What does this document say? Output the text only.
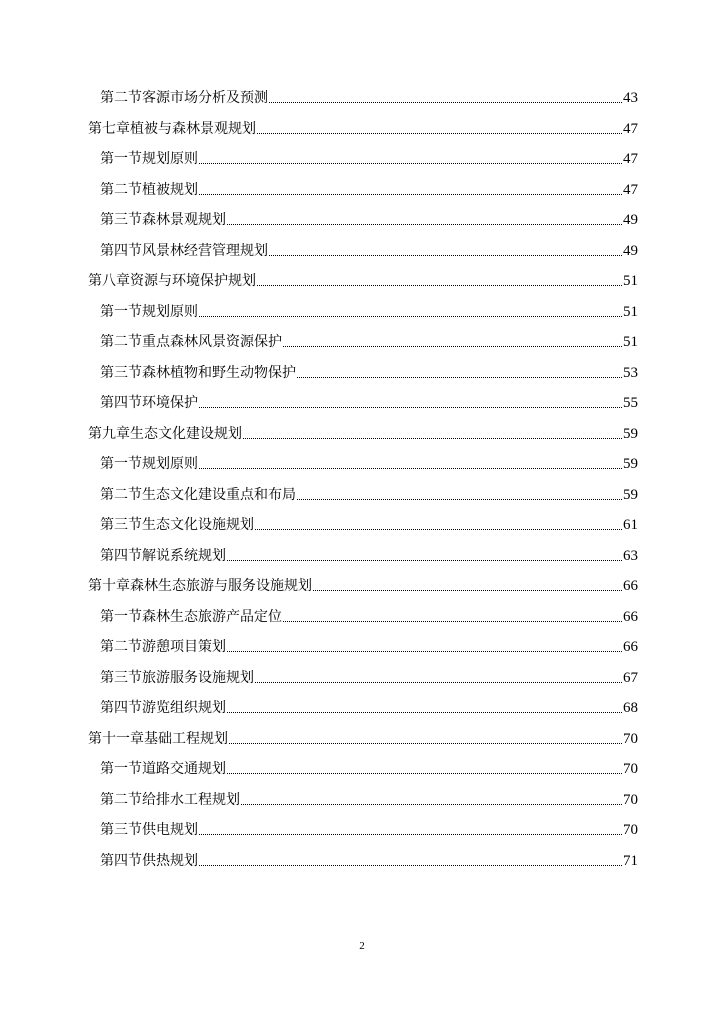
第二节客源市场分析及预测	43
第七章植被与森林景观规划	47
第一节规划原则	47
第二节植被规划	47
第三节森林景观规划	49
第四节风景林经营管理规划	49
第八章资源与环境保护规划	51
第一节规划原则	51
第二节重点森林风景资源保护	51
第三节森林植物和野生动物保护	53
第四节环境保护	55
第九章生态文化建设规划	59
第一节规划原则	59
第二节生态文化建设重点和布局	59
第三节生态文化设施规划	61
第四节解说系统规划	63
第十章森林生态旅游与服务设施规划	66
第一节森林生态旅游产品定位	66
第二节游憩项目策划	66
第三节旅游服务设施规划	67
第四节游览组织规划	68
第十一章基础工程规划	70
第一节道路交通规划	70
第二节给排水工程规划	70
第三节供电规划	70
第四节供热规划	71
2
